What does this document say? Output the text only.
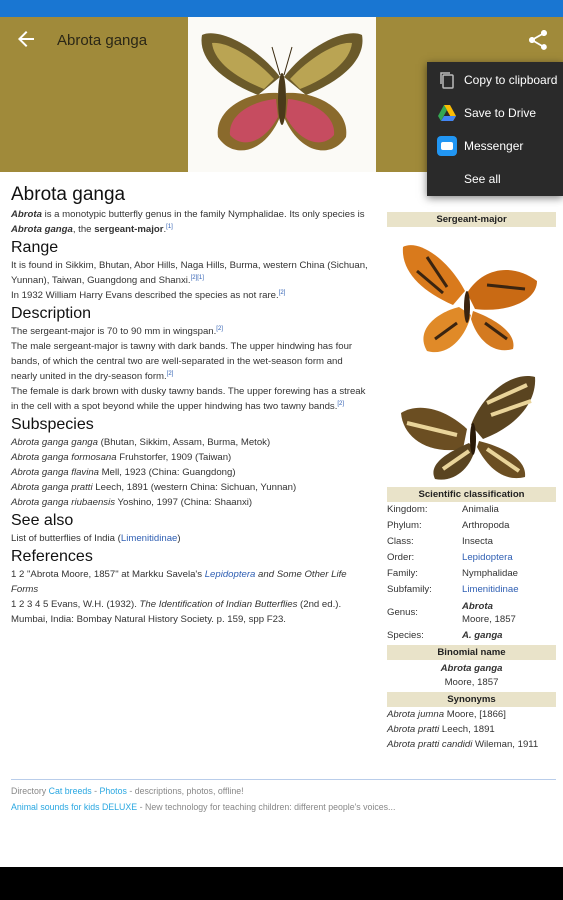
Abrota ganga
Copy to clipboard
Save to Drive
Messenger
See all
Abrota ganga

Abrota is a monotypic butterfly genus in the family Nymphalidae. Its only species is Abrota ganga, the sergeant-major.[1]

Range

It is found in Sikkim, Bhutan, Abor Hills, Naga Hills, Burma, western China (Sichuan, Yunnan), Taiwan, Guangdong and Shanxi.[2][1]

In 1932 William Harry Evans described the species as not rare.[2]

Description

The sergeant-major is 70 to 90 mm in wingspan.[2]

The male sergeant-major is tawny with dark bands. The upper hindwing has four bands, of which the central two are well-separated in the wet-season form and nearly united in the dry-season form.[2]

The female is dark brown with dusky tawny bands. The upper forewing has a streak in the cell with a spot beyond while the upper hindwing has two tawny bands.[2]

Subspecies

Abrota ganga ganga (Bhutan, Sikkim, Assam, Burma, Metok)

Abrota ganga formosana Fruhstorfer, 1909 (Taiwan)

Abrota ganga flavina Mell, 1923 (China: Guangdong)

Abrota ganga pratti Leech, 1891 (western China: Sichuan, Yunnan)

Abrota ganga riubaensis Yoshino, 1997 (China: Shaanxi)

See also

List of butterflies of India (Limenitidinae)

References

1 2 "Abrota Moore, 1857" at Markku Savela's Lepidoptera and Some Other Life Forms

1 2 3 4 5 Evans, W.H. (1932). The Identification of Indian Butterflies (2nd ed.). Mumbai, India: Bombay Natural History Society. p. 159, spp F23.

Sergeant-major
Scientific classification
Kingdom:	Animalia
Phylum:	Arthropoda
Class:	Insecta
Order:	Lepidoptera
Family:	Nymphalidae
Subfamily:	Limenitidinae
Genus:
Abrota
Moore, 1857
Species:	A. ganga
Binomial name
Abrota ganga
Moore, 1857
Synonyms
Abrota jumna Moore, [1866]
Abrota pratti Leech, 1891
Abrota pratti candidi Wileman, 1911
Directory Cat breeds - Photos - descriptions, photos, offline!
Animal sounds for kids DELUXE - New technology for teaching children: different people's voices...
